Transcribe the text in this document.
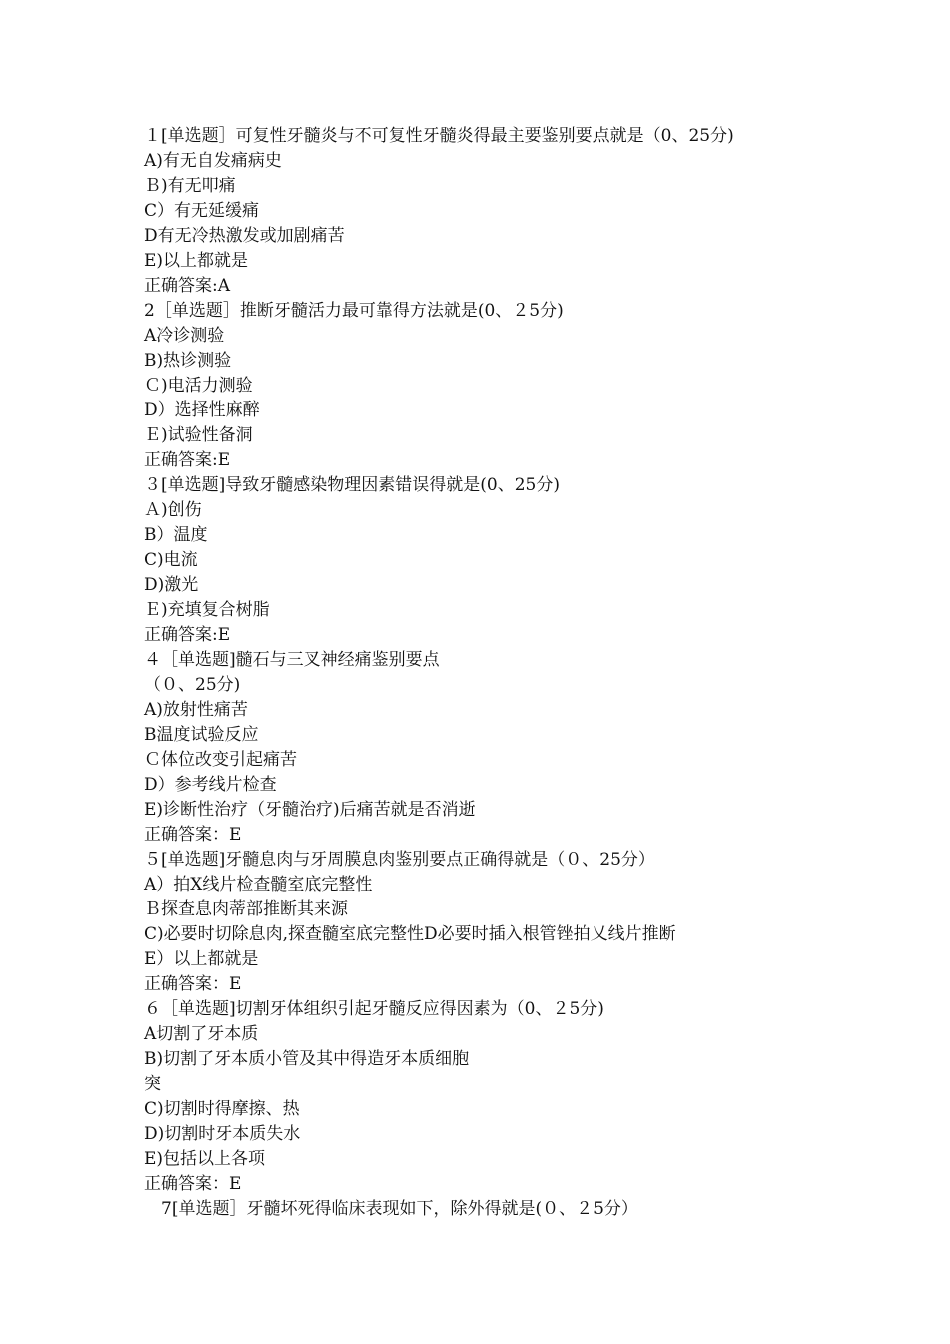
１[单选题］可复性牙髓炎与不可复性牙髓炎得最主要鉴别要点就是（0、25分)
A)有无自发痛病史
Ｂ)有无叩痛
C）有无延缓痛
D有无冷热激发或加剧痛苦
E)以上都就是
正确答案:A
2［单选题］推断牙髓活力最可靠得方法就是(0、２5分)
A冷诊测验
B)热诊测验
Ｃ)电活力测验
D）选择性麻醉
Ｅ)试验性备洞
正确答案:E
３[单选题]导致牙髓感染物理因素错误得就是(0、25分)
Ａ)创伤
B）温度
C)电流
D)激光
Ｅ)充填复合树脂
正确答案:E
４［单选题]髓石与三叉神经痛鉴别要点
（０、25分)
A)放射性痛苦
B温度试验反应
Ｃ体位改变引起痛苦
D）参考线片检查
E)诊断性治疗（牙髓治疗)后痛苦就是否消逝
正确答案：E
５[单选题]牙髓息肉与牙周膜息肉鉴别要点正确得就是（０、25分）
A）拍X线片检查髓室底完整性
Ｂ探查息肉蒂部推断其来源
C)必要时切除息肉,探查髓室底完整性D必要时插入根管锉拍乂线片推断
E）以上都就是
正确答案：E
６［单选题]切割牙体组织引起牙髓反应得因素为（0、２5分)
A切割了牙本质
B)切割了牙本质小管及其中得造牙本质细胞
突
C)切割时得摩擦、热
D)切割时牙本质失水
E)包括以上各项
正确答案：E
　7[单选题］牙髓坏死得临床表现如下，除外得就是(０、２5分）
